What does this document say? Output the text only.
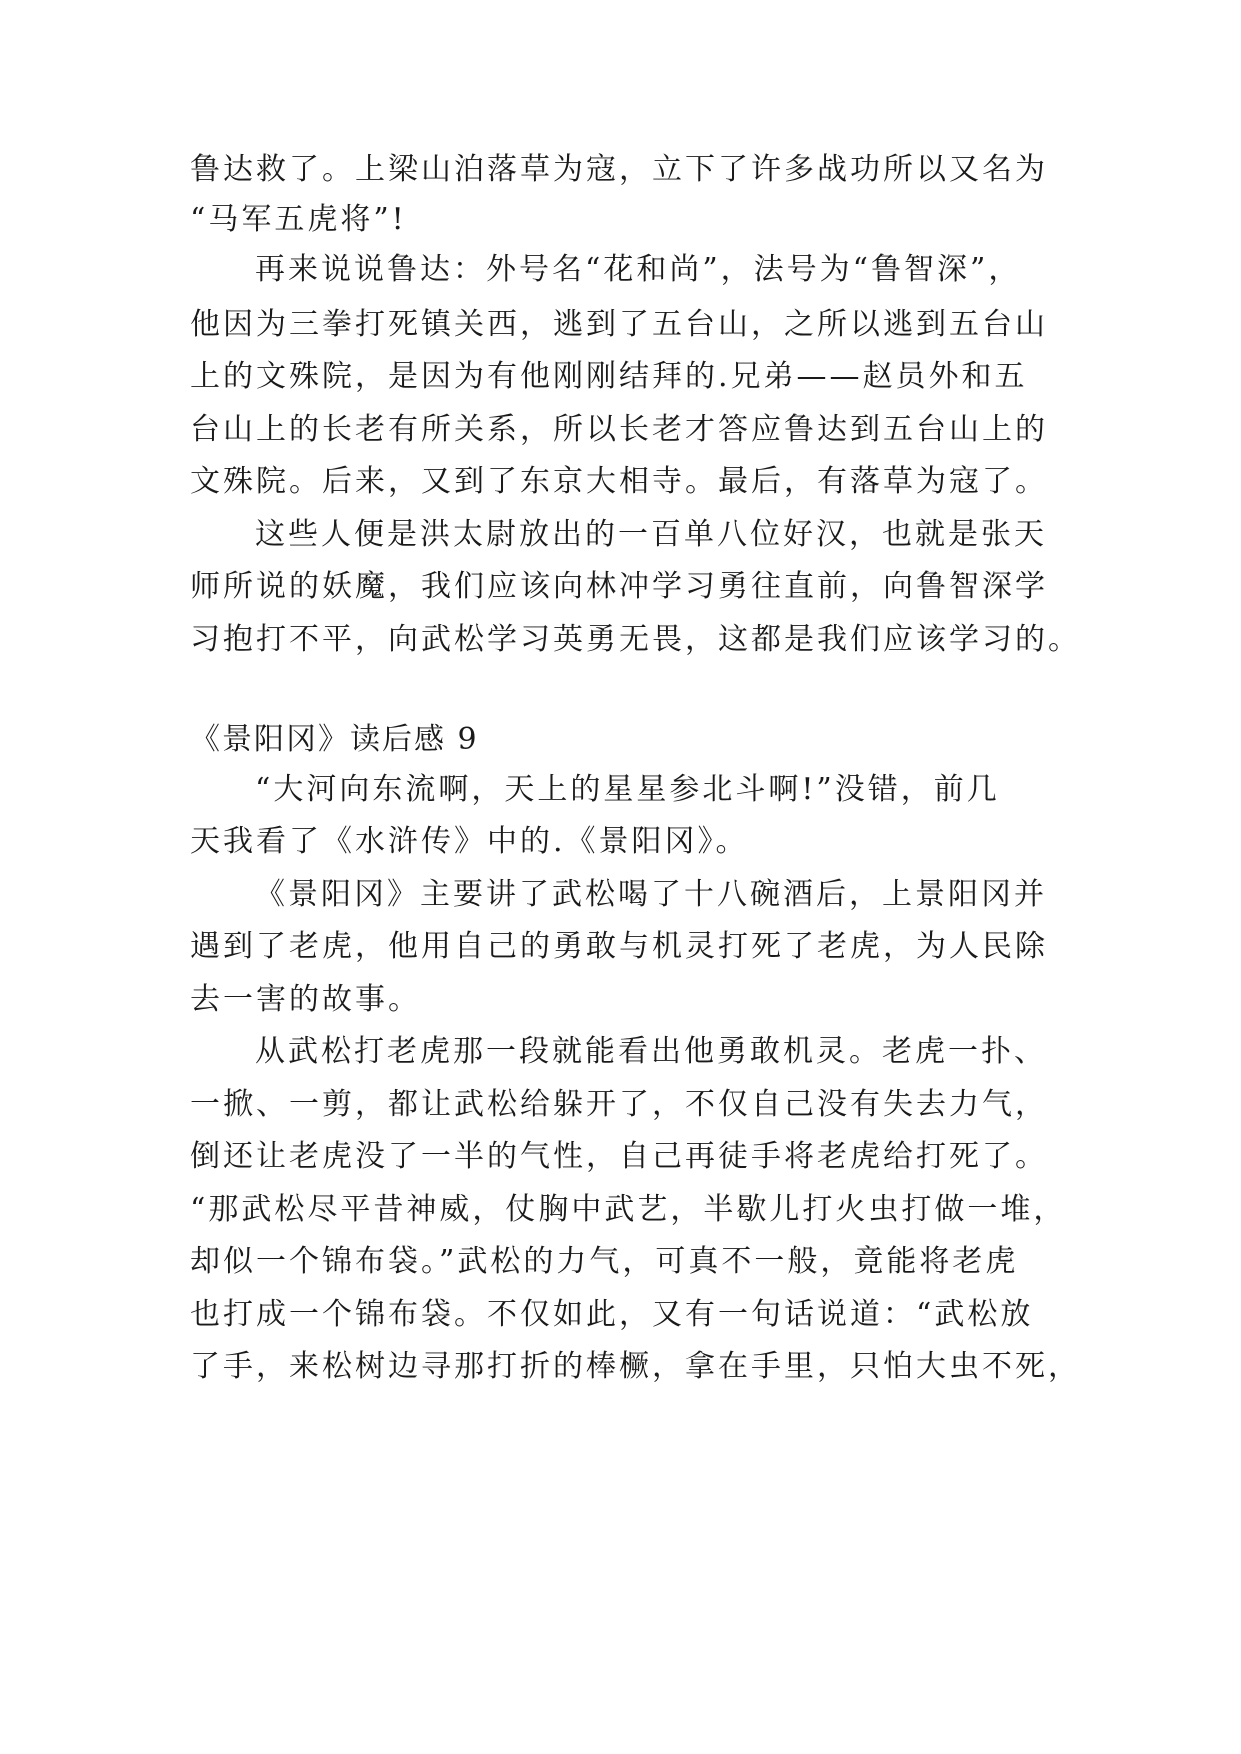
鲁达救了。上梁山泊落草为寇，立下了许多战功所以又名为
“马军五虎将”!
再来说说鲁达：外号名“花和尚”，法号为“鲁智深”，
他因为三拳打死镇关西，逃到了五台山，之所以逃到五台山
上的文殊院，是因为有他刚刚结拜的.兄弟——赵员外和五
台山上的长老有所关系，所以长老才答应鲁达到五台山上的
文殊院。后来，又到了东京大相寺。最后，有落草为寇了。
这些人便是洪太尉放出的一百单八位好汉，也就是张天
师所说的妖魔，我们应该向林冲学习勇往直前，向鲁智深学
习抱打不平，向武松学习英勇无畏，这都是我们应该学习的。
《景阳冈》读后感 9
“大河向东流啊，天上的星星参北斗啊!”没错，前几
天我看了《水浒传》中的.《景阳冈》。
《景阳冈》主要讲了武松喝了十八碗酒后，上景阳冈并
遇到了老虎，他用自己的勇敢与机灵打死了老虎，为人民除
去一害的故事。
从武松打老虎那一段就能看出他勇敢机灵。老虎一扑、
一掀、一剪，都让武松给躲开了，不仅自己没有失去力气，
倒还让老虎没了一半的气性，自己再徒手将老虎给打死了。
“那武松尽平昔神威，仗胸中武艺，半歇儿打火虫打做一堆，
却似一个锦布袋。”武松的力气，可真不一般，竟能将老虎
也打成一个锦布袋。不仅如此，又有一句话说道：“武松放
了手，来松树边寻那打折的棒橛，拿在手里，只怕大虫不死，
